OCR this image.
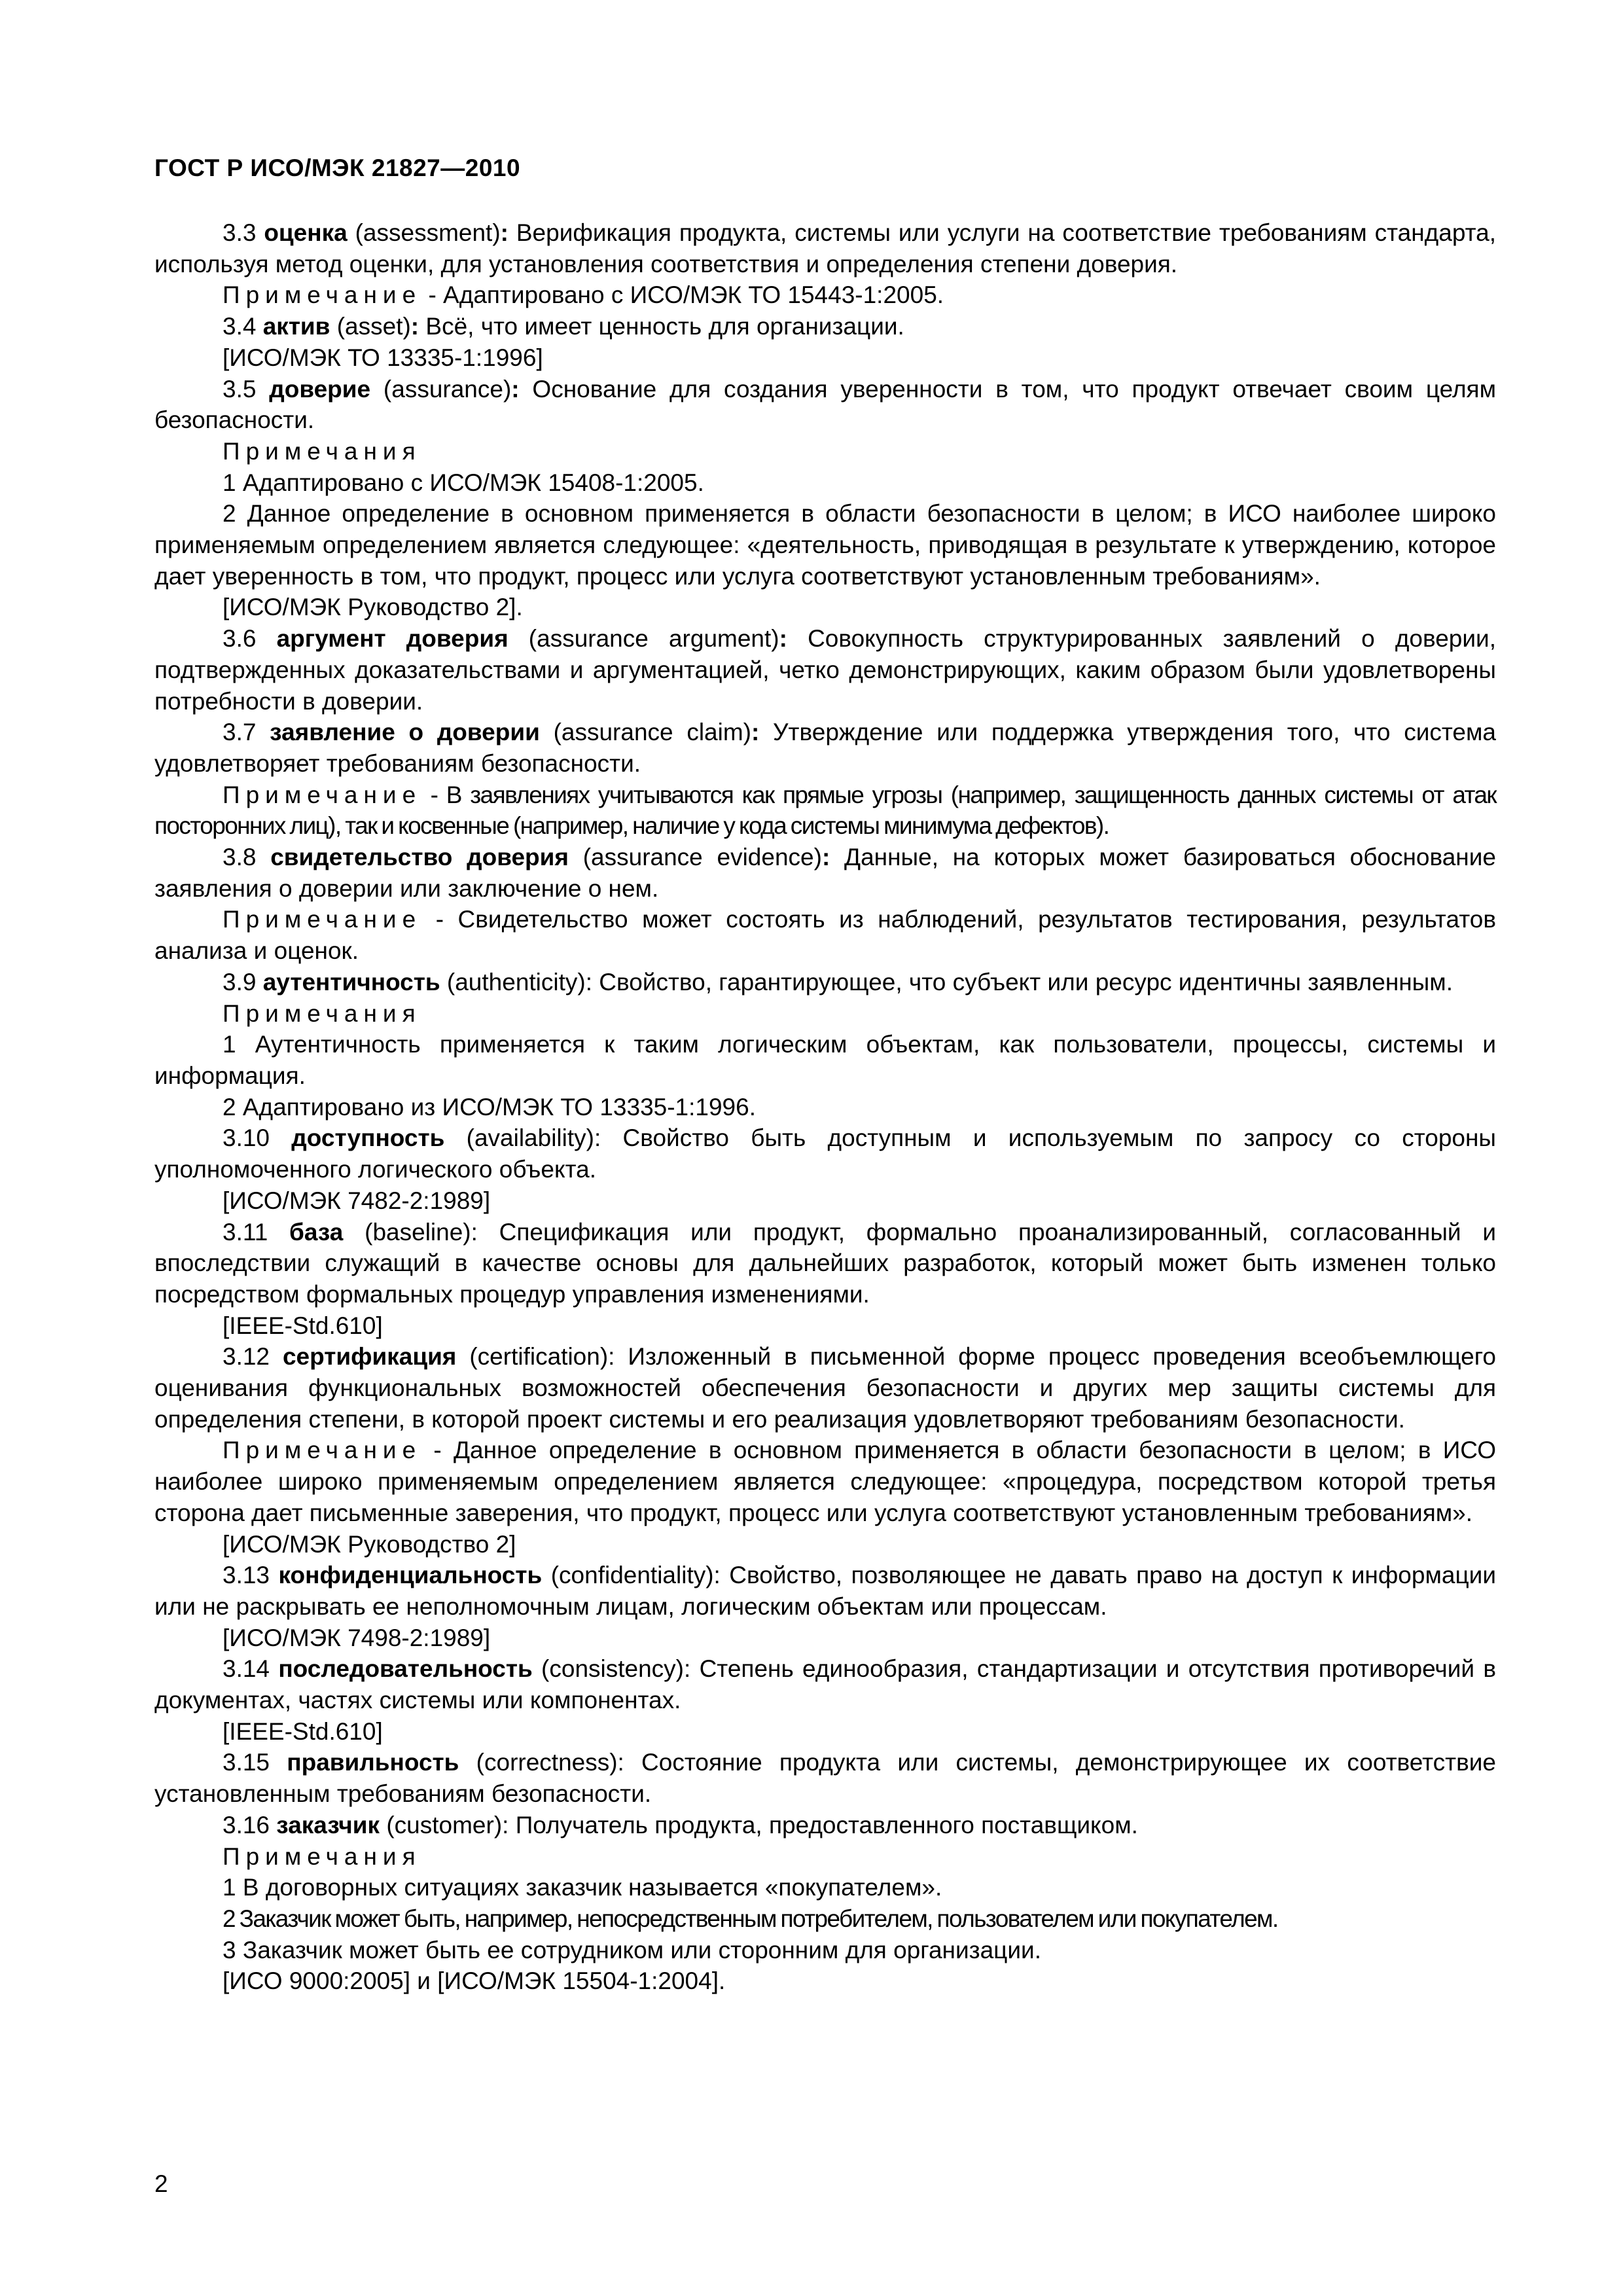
ГОСТ Р ИСО/МЭК 21827—2010
3.3 оценка (assessment): Верификация продукта, системы или услуги на соответствие требованиям стандарта, используя метод оценки, для установления соответствия и определения степени доверия.
Примечание - Адаптировано с ИСО/МЭК ТО 15443-1:2005.
3.4 актив (asset): Всё, что имеет ценность для организации.
[ИСО/МЭК ТО 13335-1:1996]
3.5 доверие (assurance): Основание для создания уверенности в том, что продукт отвечает своим целям безопасности.
Примечания
1 Адаптировано с ИСО/МЭК 15408-1:2005.
2 Данное определение в основном применяется в области безопасности в целом; в ИСО наиболее широко применяемым определением является следующее: «деятельность, приводящая в результате к утверждению, которое дает уверенность в том, что продукт, процесс или услуга соответствуют установленным требованиям».
[ИСО/МЭК Руководство 2].
3.6 аргумент доверия (assurance argument): Совокупность структурированных заявлений о доверии, подтвержденных доказательствами и аргументацией, четко демонстрирующих, каким образом были удовлетворены потребности в доверии.
3.7 заявление о доверии (assurance claim): Утверждение или поддержка утверждения того, что система удовлетворяет требованиям безопасности.
Примечание - В заявлениях учитываются как прямые угрозы (например, защищенность данных системы от атак посторонних лиц), так и косвенные (например, наличие у кода системы минимума дефектов).
3.8 свидетельство доверия (assurance evidence): Данные, на которых может базироваться обоснование заявления о доверии или заключение о нем.
Примечание - Свидетельство может состоять из наблюдений, результатов тестирования, результатов анализа и оценок.
3.9 аутентичность (authenticity): Свойство, гарантирующее, что субъект или ресурс идентичны заявленным.
Примечания
1 Аутентичность применяется к таким логическим объектам, как пользователи, процессы, системы и информация.
2 Адаптировано из ИСО/МЭК ТО 13335-1:1996.
3.10 доступность (availability): Свойство быть доступным и используемым по запросу со стороны уполномоченного логического объекта.
[ИСО/МЭК 7482-2:1989]
3.11 база (baseline): Спецификация или продукт, формально проанализированный, согласованный и впоследствии служащий в качестве основы для дальнейших разработок, который может быть изменен только посредством формальных процедур управления изменениями.
[IEEE-Std.610]
3.12 сертификация (certification): Изложенный в письменной форме процесс проведения всеобъемлющего оценивания функциональных возможностей обеспечения безопасности и других мер защиты системы для определения степени, в которой проект системы и его реализация удовлетворяют требованиям безопасности.
Примечание - Данное определение в основном применяется в области безопасности в целом; в ИСО наиболее широко применяемым определением является следующее: «процедура, посредством которой третья сторона дает письменные заверения, что продукт, процесс или услуга соответствуют установленным требованиям».
[ИСО/МЭК Руководство 2]
3.13 конфиденциальность (confidentiality): Свойство, позволяющее не давать право на доступ к информации или не раскрывать ее неполномочным лицам, логическим объектам или процессам.
[ИСО/МЭК 7498-2:1989]
3.14 последовательность (consistency): Степень единообразия, стандартизации и отсутствия противоречий в документах, частях системы или компонентах.
[IEEE-Std.610]
3.15 правильность (correctness): Состояние продукта или системы, демонстрирующее их соответствие установленным требованиям безопасности.
3.16 заказчик (customer): Получатель продукта, предоставленного поставщиком.
Примечания
1 В договорных ситуациях заказчик называется «покупателем».
2 Заказчик может быть, например, непосредственным потребителем, пользователем или покупателем.
3 Заказчик может быть ее сотрудником или сторонним для организации.
[ИСО 9000:2005] и [ИСО/МЭК 15504-1:2004].
2
